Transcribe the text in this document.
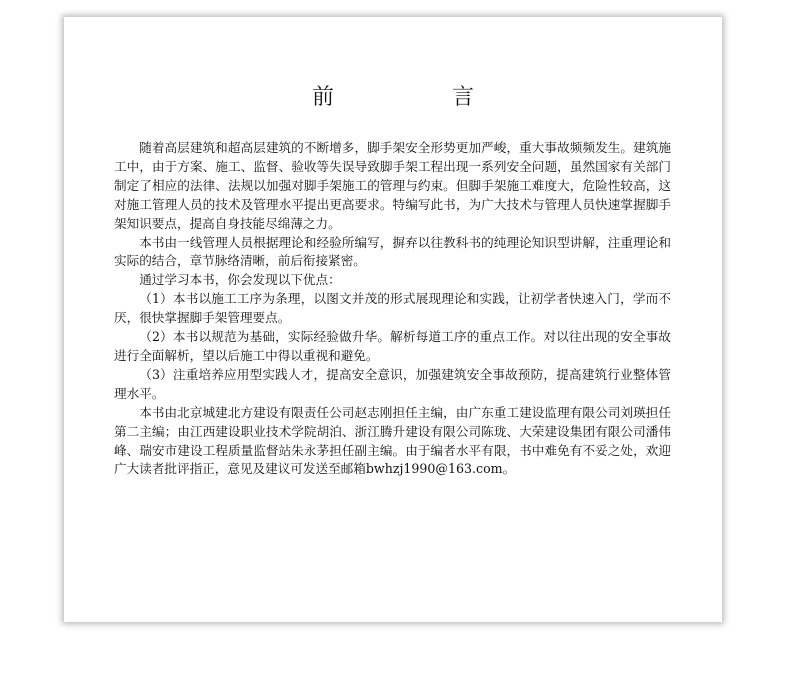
前　言

随着高层建筑和超高层建筑的不断增多，脚手架安全形势更加严峻，重大事故频频发生。建筑施工中，由于方案、施工、监督、验收等失误导致脚手架工程出现一系列安全问题，虽然国家有关部门制定了相应的法律、法规以加强对脚手架施工的管理与约束。但脚手架施工难度大，危险性较高，这对施工管理人员的技术及管理水平提出更高要求。特编写此书，为广大技术与管理人员快速掌握脚手架知识要点，提高自身技能尽绵薄之力。

本书由一线管理人员根据理论和经验所编写，摒弃以往教科书的纯理论知识型讲解，注重理论和实际的结合，章节脉络清晰，前后衔接紧密。

通过学习本书，你会发现以下优点：

（1）本书以施工工序为条理，以图文并茂的形式展现理论和实践，让初学者快速入门，学而不厌，很快掌握脚手架管理要点。

（2）本书以规范为基础，实际经验做升华。解析每道工序的重点工作。对以往出现的安全事故进行全面解析，望以后施工中得以重视和避免。

（3）注重培养应用型实践人才，提高安全意识，加强建筑安全事故预防，提高建筑行业整体管理水平。

本书由北京城建北方建设有限责任公司赵志刚担任主编，由广东重工建设监理有限公司刘瑛担任第二主编；由江西建设职业技术学院胡泊、浙江腾升建设有限公司陈珑、大荣建设集团有限公司潘伟峰、瑞安市建设工程质量监督站朱永茅担任副主编。由于编者水平有限，书中难免有不妥之处，欢迎广大读者批评指正，意见及建议可发送至邮箱bwhzj1990@163.com。
